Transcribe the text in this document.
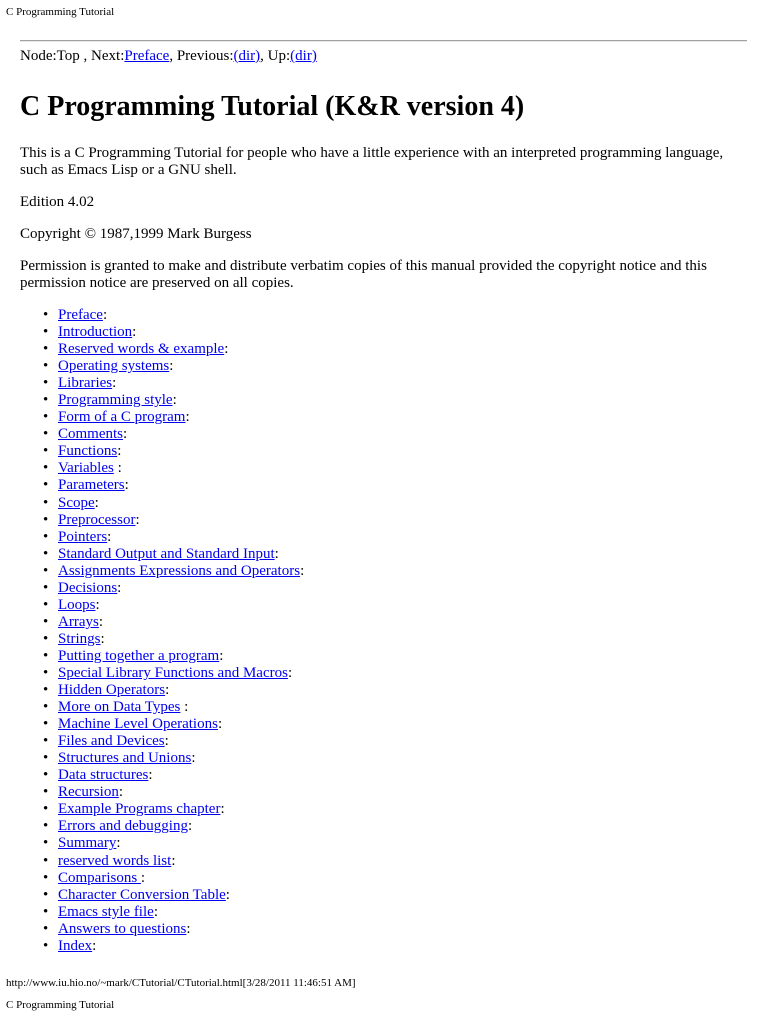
C Programming Tutorial

Node:Top , Next:Preface, Previous:(dir), Up:(dir)

C Programming Tutorial (K&R version 4)

This is a C Programming Tutorial for people who have a little experience with an interpreted programming language, such as Emacs Lisp or a GNU shell.

Edition 4.02

Copyright © 1987,1999 Mark Burgess

Permission is granted to make and distribute verbatim copies of this manual provided the copyright notice and this permission notice are preserved on all copies.

• Preface:
• Introduction:
• Reserved words & example:
• Operating systems:
• Libraries:
• Programming style:
• Form of a C program:
• Comments:
• Functions:
• Variables :
• Parameters:
• Scope:
• Preprocessor:
• Pointers:
• Standard Output and Standard Input:
• Assignments Expressions and Operators:
• Decisions:
• Loops:
• Arrays:
• Strings:
• Putting together a program:
• Special Library Functions and Macros:
• Hidden Operators:
• More on Data Types :
• Machine Level Operations:
• Files and Devices:
• Structures and Unions:
• Data structures:
• Recursion:
• Example Programs chapter:
• Errors and debugging:
• Summary:
• reserved words list:
• Comparisons :
• Character Conversion Table:
• Emacs style file:
• Answers to questions:
• Index:
http://www.iu.hio.no/~mark/CTutorial/CTutorial.html[3/28/2011 11:46:51 AM]
C Programming Tutorial
